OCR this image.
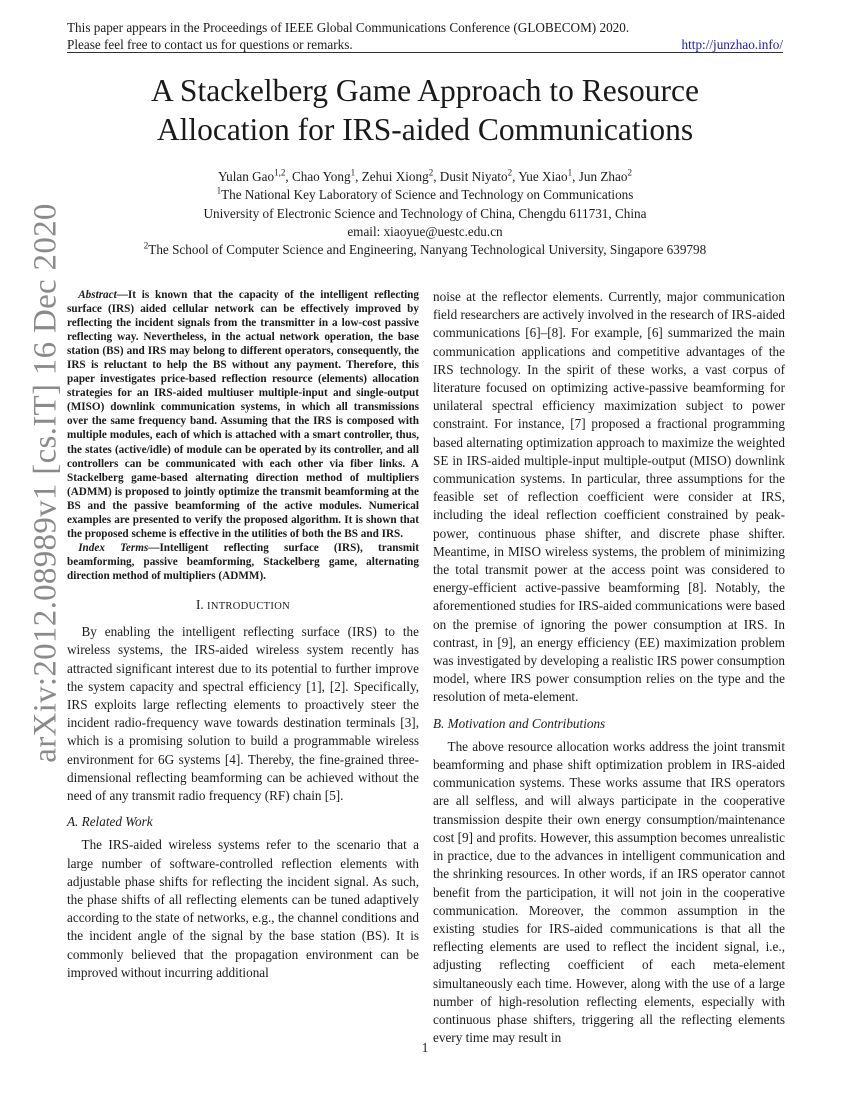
This paper appears in the Proceedings of IEEE Global Communications Conference (GLOBECOM) 2020.
Please feel free to contact us for questions or remarks.	http://junzhao.info/
arXiv:2012.08989v1 [cs.IT] 16 Dec 2020
A Stackelberg Game Approach to Resource
Allocation for IRS-aided Communications
Yulan Gao$^{1,2}$, Chao Yong$^1$, Zehui Xiong$^2$, Dusit Niyato$^2$, Yue Xiao$^1$, Jun Zhao$^2$
$^1$The National Key Laboratory of Science and Technology on Communications
University of Electronic Science and Technology of China, Chengdu 611731, China
email: xiaoyue@uestc.edu.cn
$^2$The School of Computer Science and Engineering, Nanyang Technological University, Singapore 639798

Abstract—It is known that the capacity of the intelligent reflecting surface (IRS) aided cellular network can be effectively improved by reflecting the incident signals from the transmitter in a low-cost passive reflecting way. Nevertheless, in the actual network operation, the base station (BS) and IRS may belong to different operators, consequently, the IRS is reluctant to help the BS without any payment. Therefore, this paper investigates price-based reflection resource (elements) allocation strategies for an IRS-aided multiuser multiple-input and single-output (MISO) downlink communication systems, in which all transmissions over the same frequency band. Assuming that the IRS is composed with multiple modules, each of which is attached with a smart controller, thus, the states (active/idle) of module can be operated by its controller, and all controllers can be communicated with each other via fiber links. A Stackelberg game-based alternating direction method of multipliers (ADMM) is proposed to jointly optimize the transmit beamforming at the BS and the passive beamforming of the active modules. Numerical examples are presented to verify the proposed algorithm. It is shown that the proposed scheme is effective in the utilities of both the BS and IRS.

Index Terms—Intelligent reflecting surface (IRS), transmit beamforming, passive beamforming, Stackelberg game, alternating direction method of multipliers (ADMM).

I. INTRODUCTION

By enabling the intelligent reflecting surface (IRS) to the wireless systems, the IRS-aided wireless system recently has attracted significant interest due to its potential to further improve the system capacity and spectral efficiency [1], [2]. Specifically, IRS exploits large reflecting elements to proactively steer the incident radio-frequency wave towards destination terminals [3], which is a promising solution to build a programmable wireless environment for 6G systems [4]. Thereby, the fine-grained three-dimensional reflecting beamforming can be achieved without the need of any transmit radio frequency (RF) chain [5].

A. Related Work

The IRS-aided wireless systems refer to the scenario that a large number of software-controlled reflection elements with adjustable phase shifts for reflecting the incident signal. As such, the phase shifts of all reflecting elements can be tuned adaptively according to the state of networks, e.g., the channel conditions and the incident angle of the signal by the base station (BS). It is commonly believed that the propagation environment can be improved without incurring additional

noise at the reflector elements. Currently, major communication field researchers are actively involved in the research of IRS-aided communications [6]–[8]. For example, [6] summarized the main communication applications and competitive advantages of the IRS technology. In the spirit of these works, a vast corpus of literature focused on optimizing active-passive beamforming for unilateral spectral efficiency maximization subject to power constraint. For instance, [7] proposed a fractional programming based alternating optimization approach to maximize the weighted SE in IRS-aided multiple-input multiple-output (MISO) downlink communication systems. In particular, three assumptions for the feasible set of reflection coefficient were consider at IRS, including the ideal reflection coefficient constrained by peak-power, continuous phase shifter, and discrete phase shifter. Meantime, in MISO wireless systems, the problem of minimizing the total transmit power at the access point was considered to energy-efficient active-passive beamforming [8]. Notably, the aforementioned studies for IRS-aided communications were based on the premise of ignoring the power consumption at IRS. In contrast, in [9], an energy efficiency (EE) maximization problem was investigated by developing a realistic IRS power consumption model, where IRS power consumption relies on the type and the resolution of meta-element.

B. Motivation and Contributions

The above resource allocation works address the joint transmit beamforming and phase shift optimization problem in IRS-aided communication systems. These works assume that IRS operators are all selfless, and will always participate in the cooperative transmission despite their own energy consumption/maintenance cost [9] and profits. However, this assumption becomes unrealistic in practice, due to the advances in intelligent communication and the shrinking resources. In other words, if an IRS operator cannot benefit from the participation, it will not join in the cooperative communication. Moreover, the common assumption in the existing studies for IRS-aided communications is that all the reflecting elements are used to reflect the incident signal, i.e., adjusting reflecting coefficient of each meta-element simultaneously each time. However, along with the use of a large number of high-resolution reflecting elements, especially with continuous phase shifters, triggering all the reflecting elements every time may result in

1
